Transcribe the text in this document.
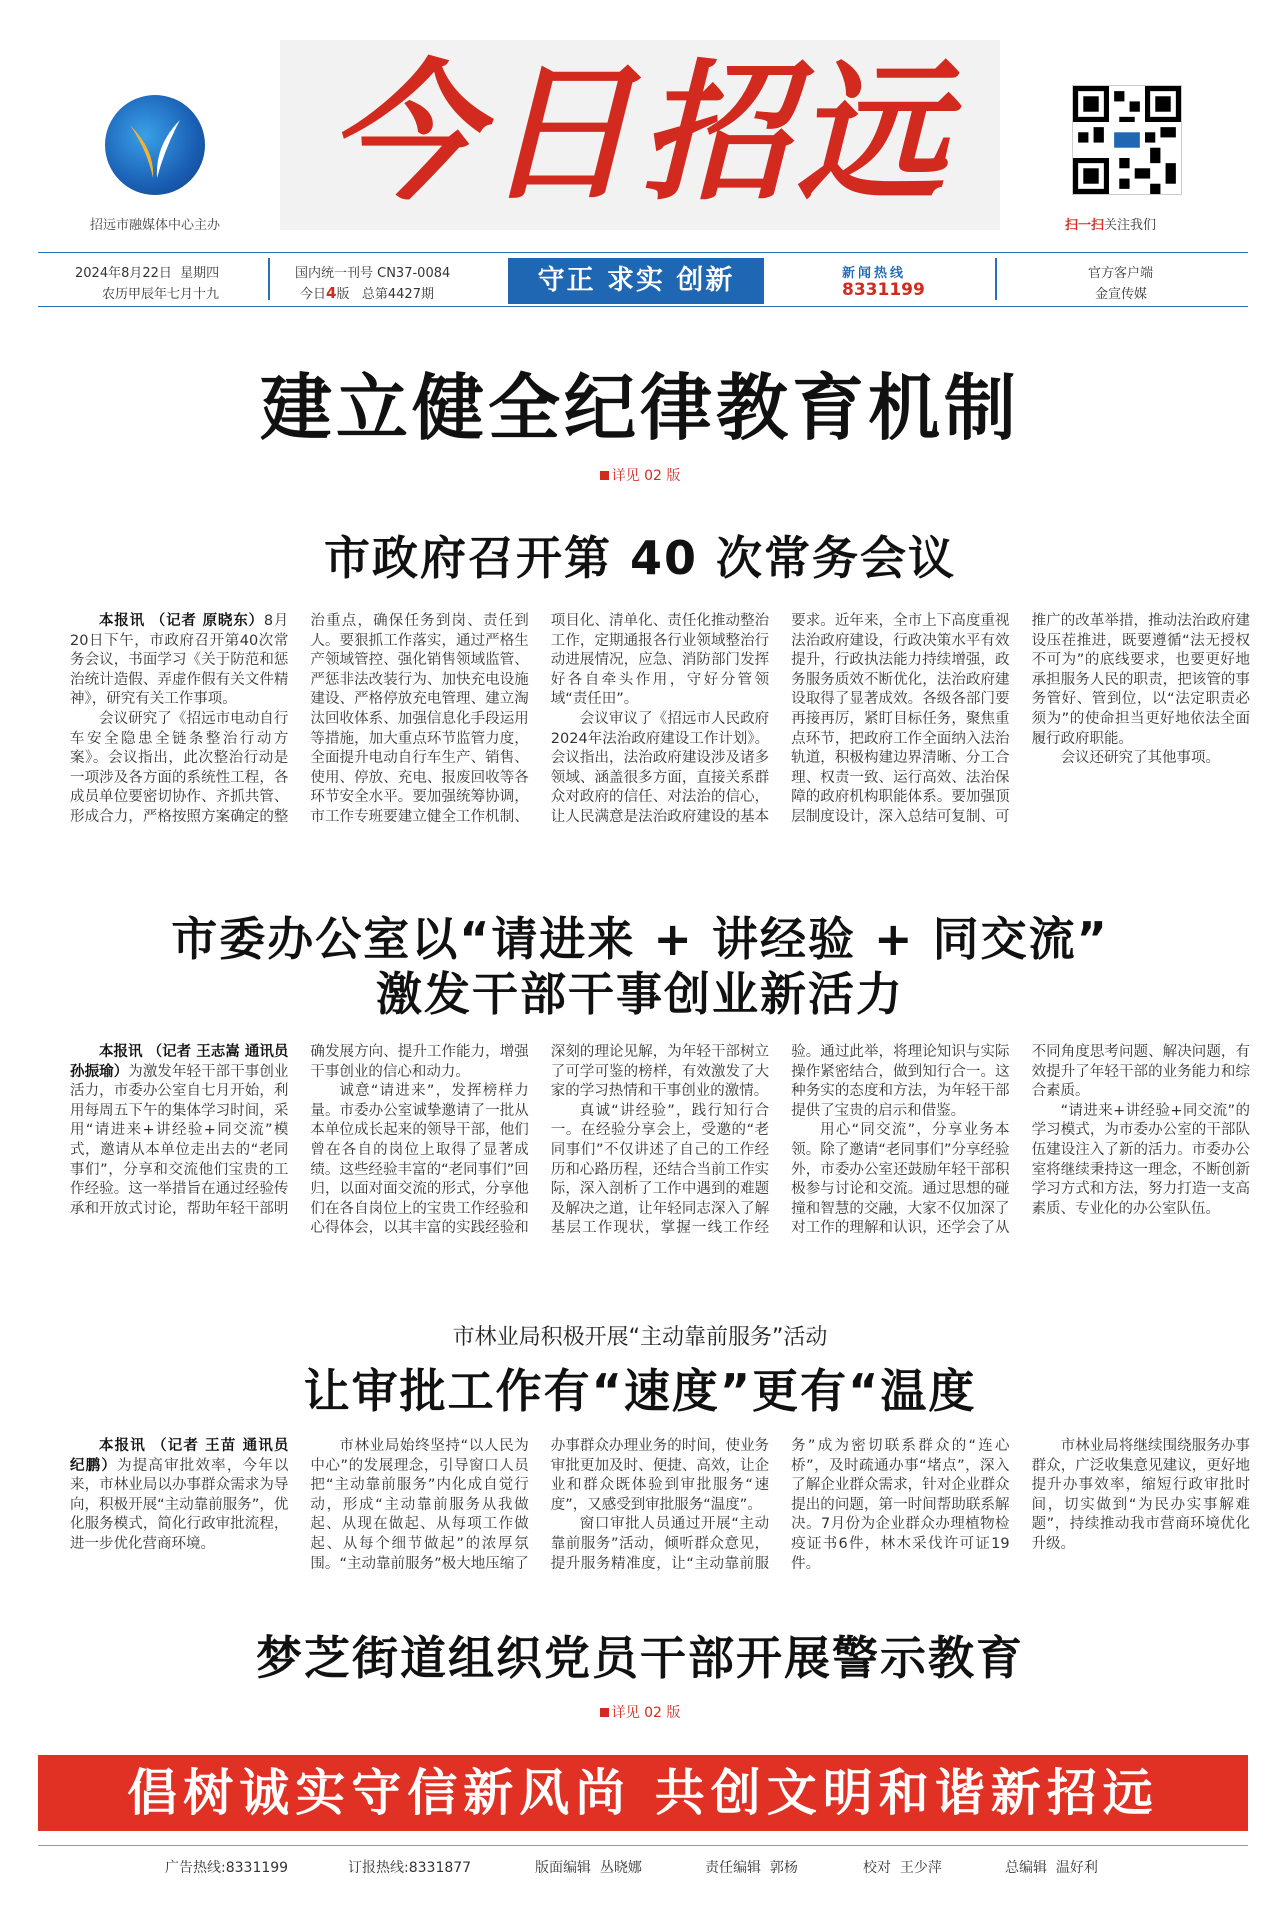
招远市融媒体中心主办
今日招远
扫一扫关注我们
2024年8月22日 星期四
农历甲辰年七月十九
国内统一刊号 CN37-0084
今日4版 总第4427期	守正 求实 创新	新闻热线
8331199
官方客户端
金宣传媒
建立健全纪律教育机制
详见 02 版
市政府召开第 40 次常务会议

本报讯 （记者 原晓东）8月20日下午，市政府召开第40次常务会议，书面学习《关于防范和惩治统计造假、弄虚作假有关文件精神》，研究有关工作事项。

会议研究了《招远市电动自行车安全隐患全链条整治行动方案》。会议指出，此次整治行动是一项涉及各方面的系统性工程，各成员单位要密切协作、齐抓共管、形成合力，严格按照方案确定的整治重点，确保任务到岗、责任到人。要狠抓工作落实，通过严格生产领域管控、强化销售领域监管、严惩非法改装行为、加快充电设施建设、严格停放充电管理、建立淘汰回收体系、加强信息化手段运用等措施，加大重点环节监管力度，全面提升电动自行车生产、销售、使用、停放、充电、报废回收等各环节安全水平。要加强统筹协调，市工作专班要建立健全工作机制、项目化、清单化、责任化推动整治工作，定期通报各行业领域整治行动进展情况，应急、消防部门发挥好各自牵头作用，守好分管领域“责任田”。

会议审议了《招远市人民政府2024年法治政府建设工作计划》。会议指出，法治政府建设涉及诸多领域、涵盖很多方面，直接关系群众对政府的信任、对法治的信心，让人民满意是法治政府建设的基本要求。近年来，全市上下高度重视法治政府建设，行政决策水平有效提升，行政执法能力持续增强，政务服务质效不断优化，法治政府建设取得了显著成效。各级各部门要再接再厉，紧盯目标任务，聚焦重点环节，把政府工作全面纳入法治轨道，积极构建边界清晰、分工合理、权责一致、运行高效、法治保障的政府机构职能体系。要加强顶层制度设计，深入总结可复制、可推广的改革举措，推动法治政府建设压茬推进，既要遵循“法无授权不可为”的底线要求，也要更好地承担服务人民的职责，把该管的事务管好、管到位，以“法定职责必须为”的使命担当更好地依法全面履行政府职能。

会议还研究了其他事项。

市委办公室以“请进来 + 讲经验 + 同交流”
激发干部干事创业新活力

本报讯 （记者 王志嵩 通讯员 孙振瑜）为激发年轻干部干事创业活力，市委办公室自七月开始，利用每周五下午的集体学习时间，采用“请进来+讲经验+同交流”模式，邀请从本单位走出去的“老同事们”，分享和交流他们宝贵的工作经验。这一举措旨在通过经验传承和开放式讨论，帮助年轻干部明确发展方向、提升工作能力，增强干事创业的信心和动力。

诚意“请进来”，发挥榜样力量。市委办公室诚挚邀请了一批从本单位成长起来的领导干部，他们曾在各自的岗位上取得了显著成绩。这些经验丰富的“老同事们”回归，以面对面交流的形式，分享他们在各自岗位上的宝贵工作经验和心得体会，以其丰富的实践经验和深刻的理论见解，为年轻干部树立了可学可鉴的榜样，有效激发了大家的学习热情和干事创业的激情。

真诚“讲经验”，践行知行合一。在经验分享会上，受邀的“老同事们”不仅讲述了自己的工作经历和心路历程，还结合当前工作实际，深入剖析了工作中遇到的难题及解决之道，让年轻同志深入了解基层工作现状，掌握一线工作经验。通过此举，将理论知识与实际操作紧密结合，做到知行合一。这种务实的态度和方法，为年轻干部提供了宝贵的启示和借鉴。

用心“同交流”，分享业务本领。除了邀请“老同事们”分享经验外，市委办公室还鼓励年轻干部积极参与讨论和交流。通过思想的碰撞和智慧的交融，大家不仅加深了对工作的理解和认识，还学会了从不同角度思考问题、解决问题，有效提升了年轻干部的业务能力和综合素质。

“请进来+讲经验+同交流”的学习模式，为市委办公室的干部队伍建设注入了新的活力。市委办公室将继续秉持这一理念，不断创新学习方式和方法，努力打造一支高素质、专业化的办公室队伍。

市林业局积极开展“主动靠前服务”活动
让审批工作有“速度”更有“温度

本报讯 （记者 王苗 通讯员 纪鹏）为提高审批效率，今年以来，市林业局以办事群众需求为导向，积极开展“主动靠前服务”，优化服务模式，简化行政审批流程，进一步优化营商环境。

市林业局始终坚持“以人民为中心”的发展理念，引导窗口人员把“主动靠前服务”内化成自觉行动，形成“主动靠前服务从我做起、从现在做起、从每项工作做起、从每个细节做起”的浓厚氛围。“主动靠前服务”极大地压缩了办事群众办理业务的时间，使业务审批更加及时、便捷、高效，让企业和群众既体验到审批服务“速度”，又感受到审批服务“温度”。

窗口审批人员通过开展“主动靠前服务”活动，倾听群众意见，提升服务精准度，让“主动靠前服务”成为密切联系群众的“连心桥”，及时疏通办事“堵点”，深入了解企业群众需求，针对企业群众提出的问题，第一时间帮助联系解决。7月份为企业群众办理植物检疫证书6件，林木采伐许可证19件。

市林业局将继续围绕服务办事群众，广泛收集意见建议，更好地提升办事效率，缩短行政审批时间，切实做到“为民办实事解难题”，持续推动我市营商环境优化升级。

梦芝街道组织党员干部开展警示教育
详见 02 版
倡树诚实守信新风尚 共创文明和谐新招远
广告热线:8331199	订报热线:8331877	版面编辑 丛晓娜	责任编辑 郭杨	校对 王少萍	总编辑 温好利
